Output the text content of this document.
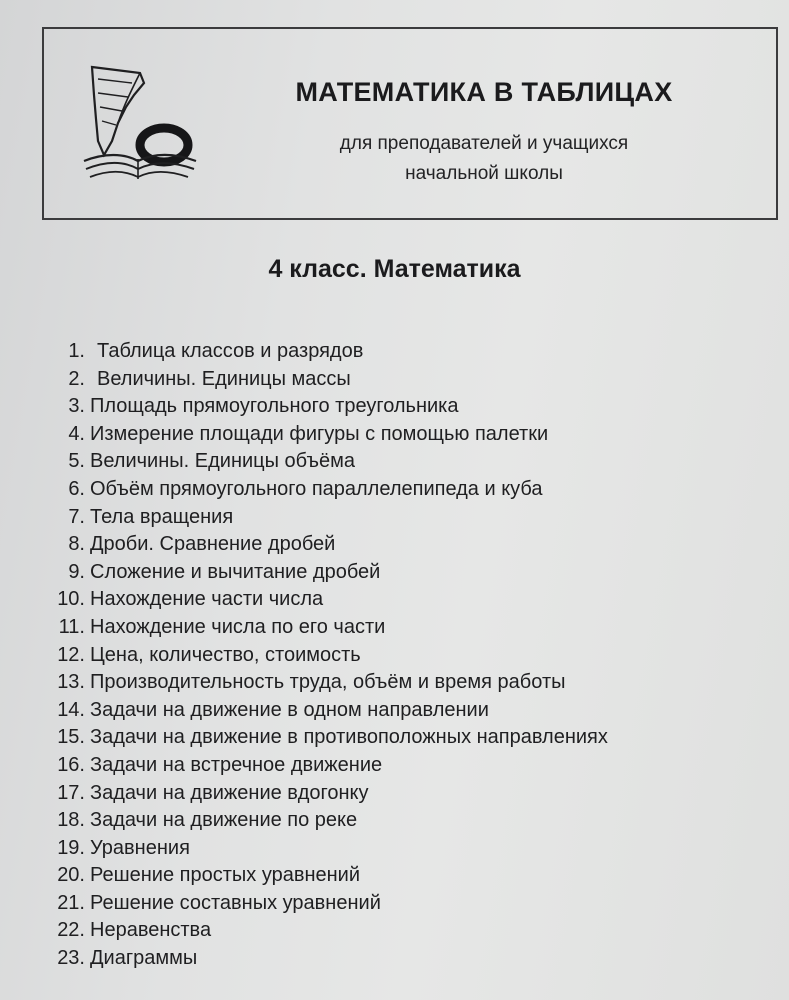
МАТЕМАТИКА В ТАБЛИЦАХ
для преподавателей и учащихся
начальной школы
4 класс. Математика
1. Таблица классов и разрядов
2. Величины. Единицы массы
3. Площадь прямоугольного треугольника
4. Измерение площади фигуры с помощью палетки
5. Величины. Единицы объёма
6. Объём прямоугольного параллелепипеда и куба
7. Тела вращения
8. Дроби. Сравнение дробей
9. Сложение и вычитание дробей
10. Нахождение части числа
11. Нахождение числа по его части
12. Цена, количество, стоимость
13. Производительность труда, объём и время работы
14. Задачи на движение в одном направлении
15. Задачи на движение в противоположных направлениях
16. Задачи на встречное движение
17. Задачи на движение вдогонку
18. Задачи на движение по реке
19. Уравнения
20. Решение простых уравнений
21. Решение составных уравнений
22. Неравенства
23. Диаграммы
